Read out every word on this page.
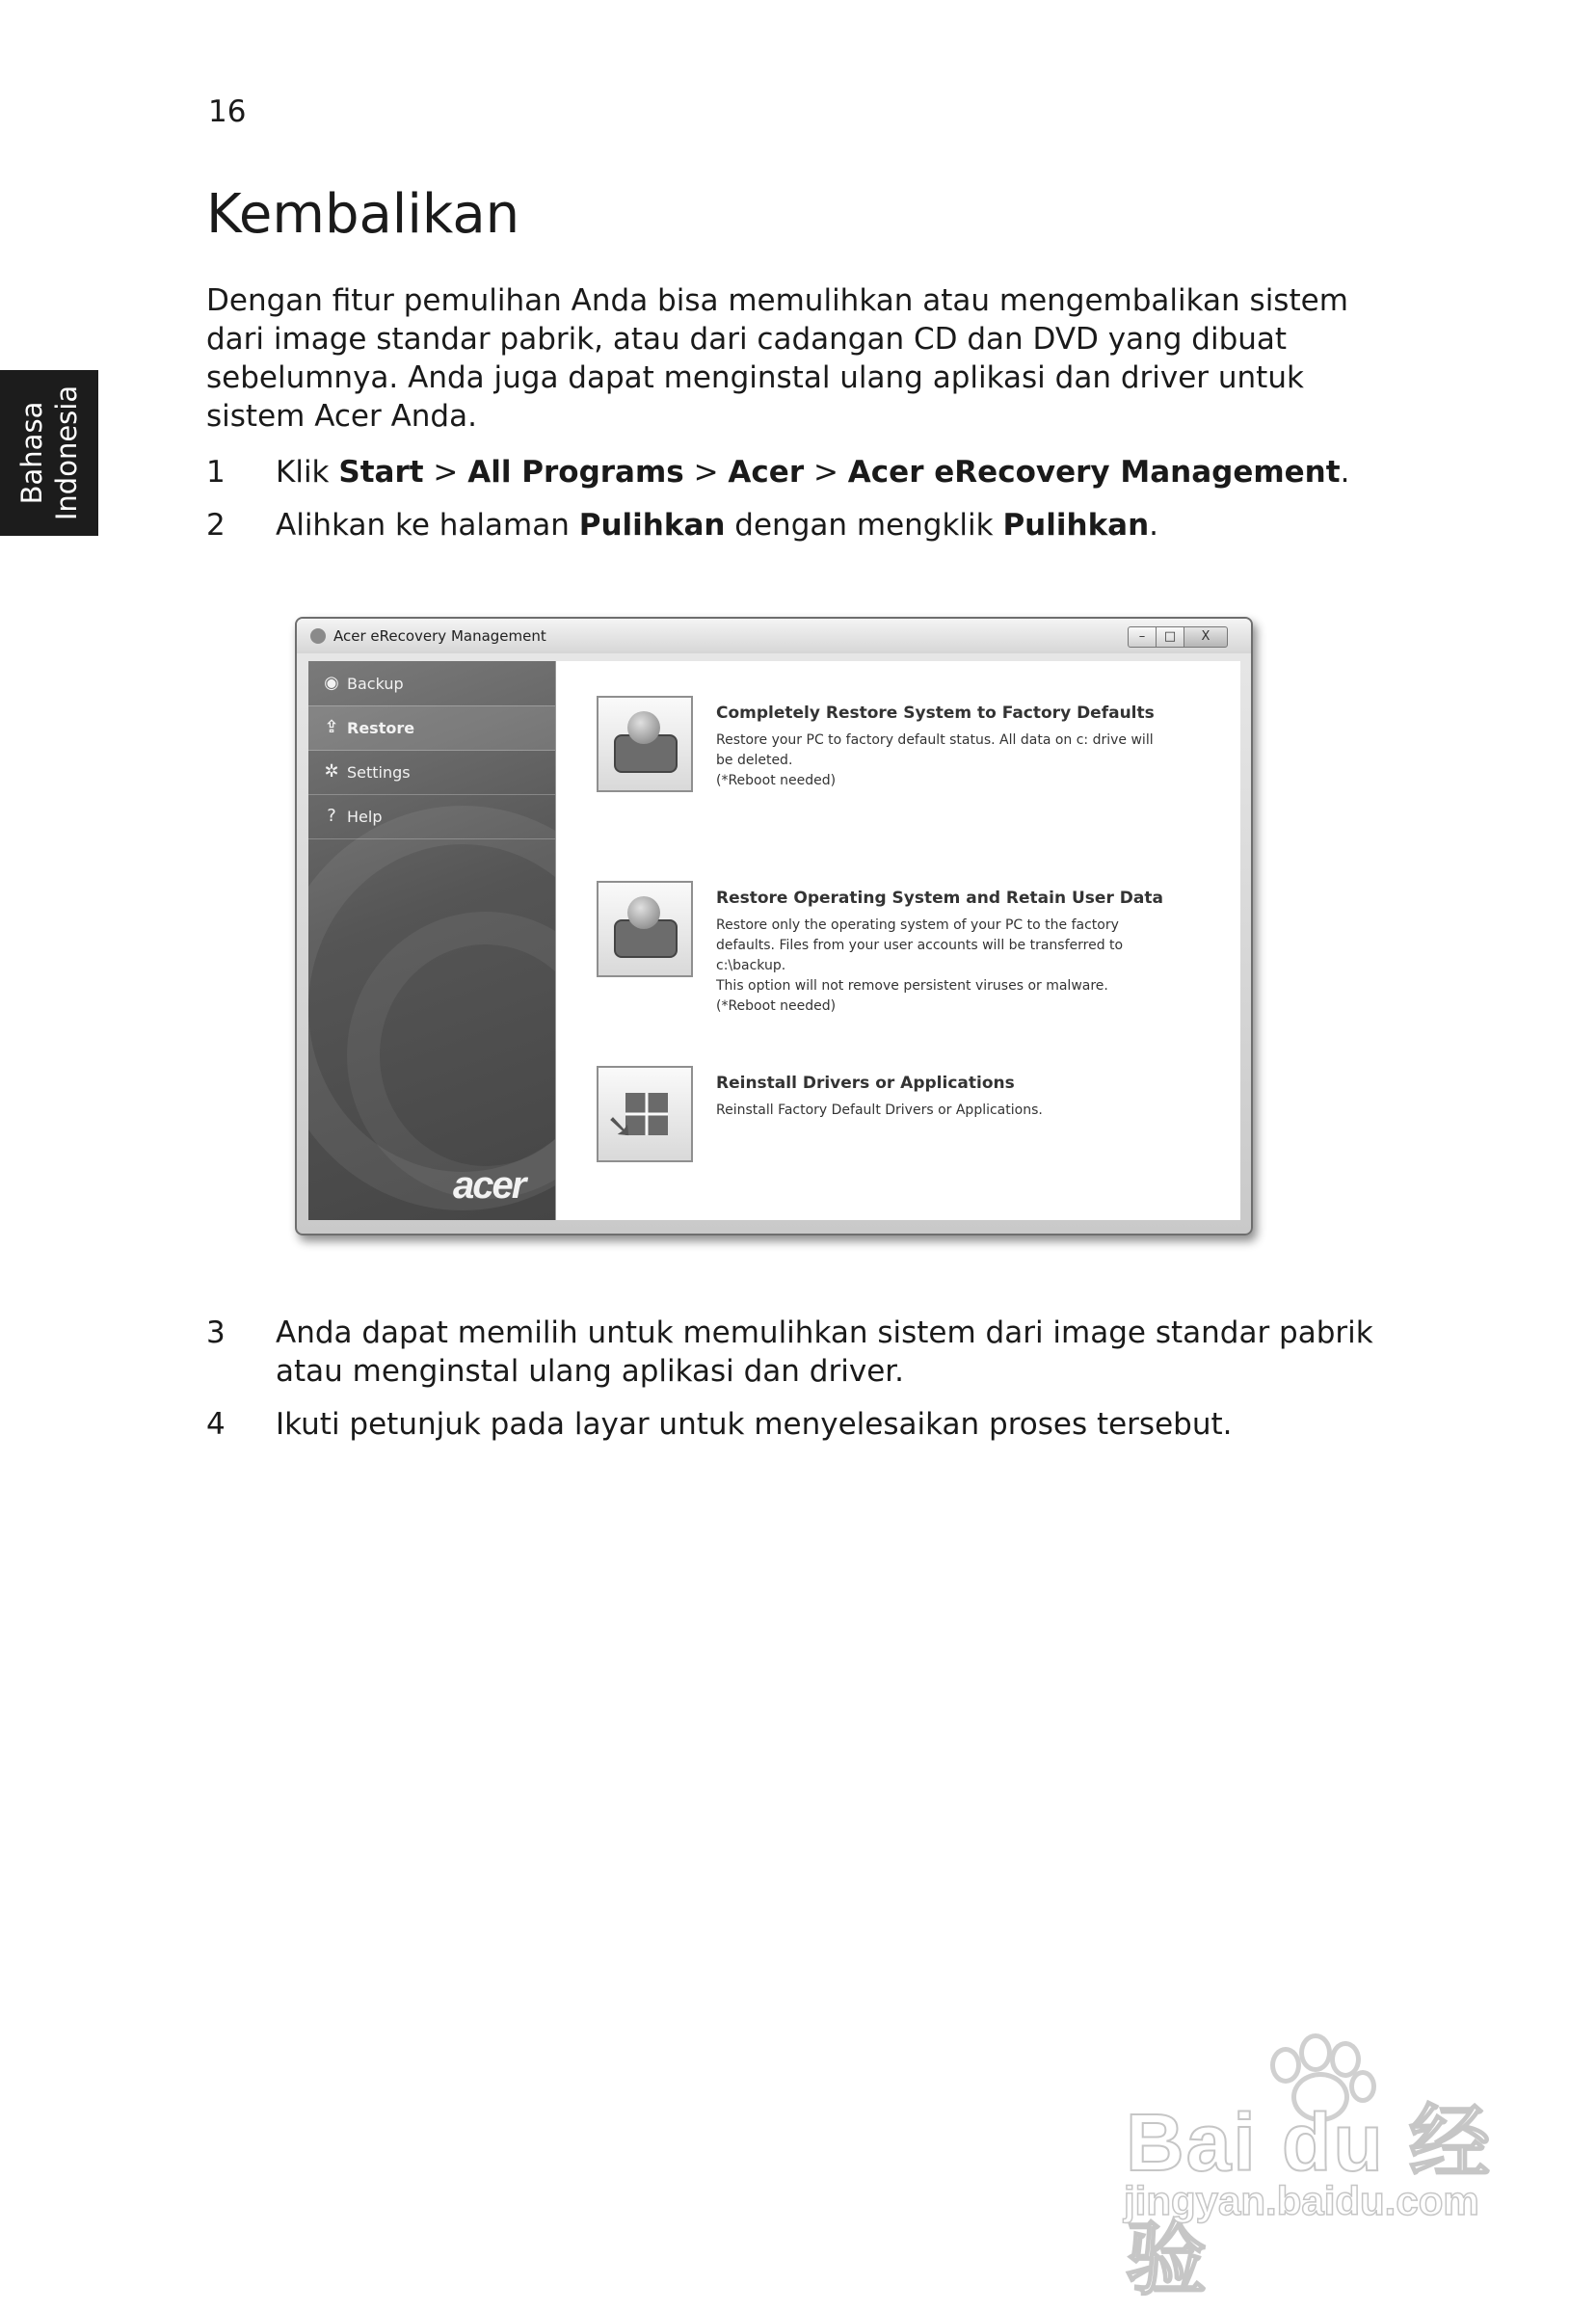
16
Bahasa Indonesia
Kembalikan
Dengan fitur pemulihan Anda bisa memulihkan atau mengembalikan sistem dari image standar pabrik, atau dari cadangan CD dan DVD yang dibuat sebelumnya. Anda juga dapat menginstal ulang aplikasi dan driver untuk sistem Acer Anda.
1 Klik Start > All Programs > Acer > Acer eRecovery Management.
2 Alihkan ke halaman Pulihkan dengan mengklik Pulihkan.
Acer eRecovery Management	–	□	X
◉ Backup
⇪ Restore
✲ Settings
? Help
acer
Completely Restore System to Factory Defaults
Restore your PC to factory default status. All data on c: drive will
be deleted.
(*Reboot needed)
Restore Operating System and Retain User Data
Restore only the operating system of your PC to the factory
defaults. Files from your user accounts will be transferred to
c:\backup.
This option will not remove persistent viruses or malware.
(*Reboot needed)
➘
Reinstall Drivers or Applications
Reinstall Factory Default Drivers or Applications.
3 Anda dapat memilih untuk memulihkan sistem dari image standar pabrik atau menginstal ulang aplikasi dan driver.
4 Ikuti petunjuk pada layar untuk menyelesaikan proses tersebut.
Bai du 经验
jingyan.baidu.com
